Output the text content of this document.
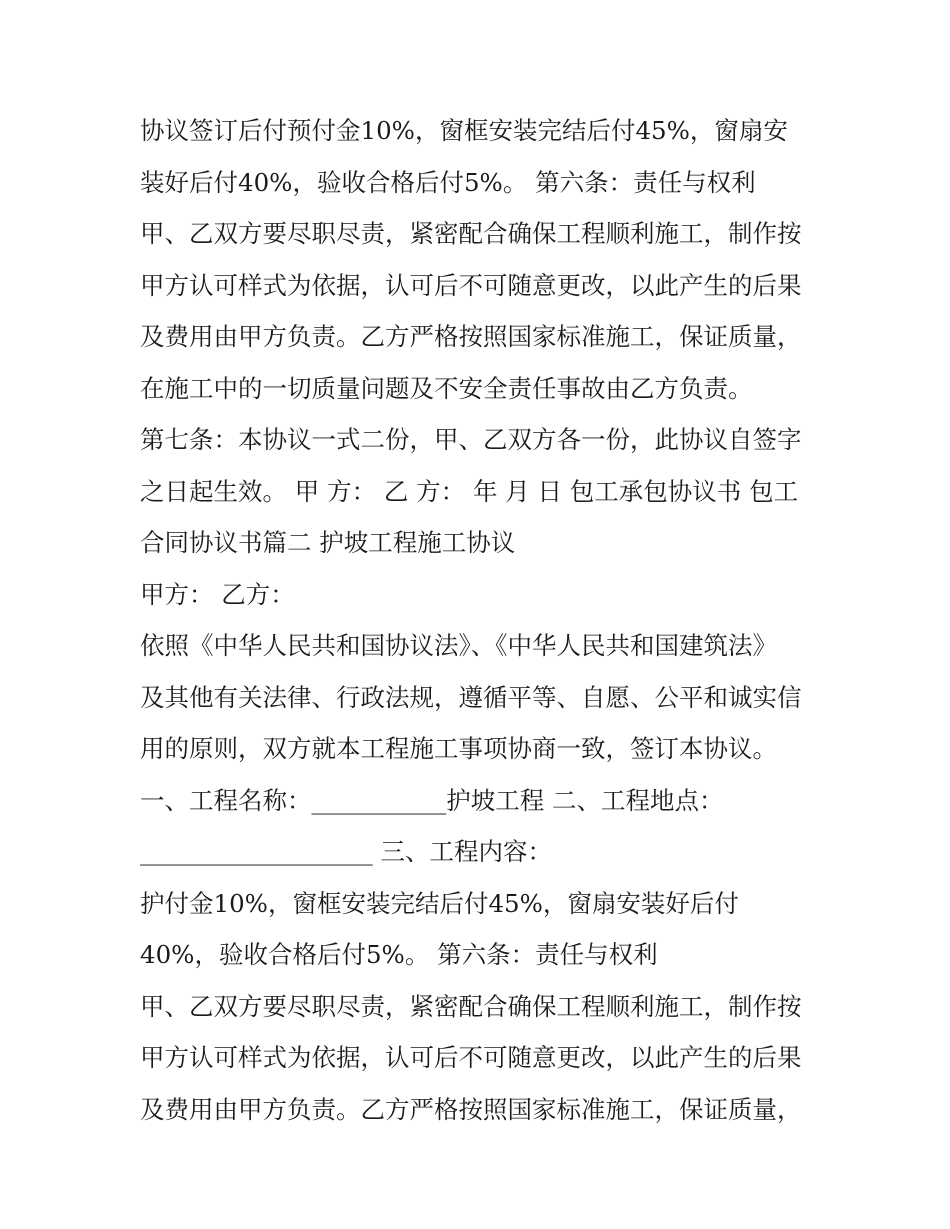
协议签订后付预付金10%，窗框安装完结后付45%，窗扇安
装好后付40%，验收合格后付5%。 第六条：责任与权利
甲、乙双方要尽职尽责，紧密配合确保工程顺利施工，制作按
甲方认可样式为依据，认可后不可随意更改，以此产生的后果
及费用由甲方负责。乙方严格按照国家标准施工，保证质量，
在施工中的一切质量问题及不安全责任事故由乙方负责。
第七条：本协议一式二份，甲、乙双方各一份，此协议自签字
之日起生效。 甲 方： 乙 方： 年 月 日 包工承包协议书 包工
合同协议书篇二 护坡工程施工协议
甲方： 乙方：
依照《中华人民共和国协议法》、《中华人民共和国建筑法》
及其他有关法律、行政法规，遵循平等、自愿、公平和诚实信
用的原则，双方就本工程施工事项协商一致，签订本协议。
一、工程名称：___________护坡工程 二、工程地点：
___________________ 三、工程内容：
护付金10%，窗框安装完结后付45%，窗扇安装好后付
40%，验收合格后付5%。 第六条：责任与权利
甲、乙双方要尽职尽责，紧密配合确保工程顺利施工，制作按
甲方认可样式为依据，认可后不可随意更改，以此产生的后果
及费用由甲方负责。乙方严格按照国家标准施工，保证质量，
